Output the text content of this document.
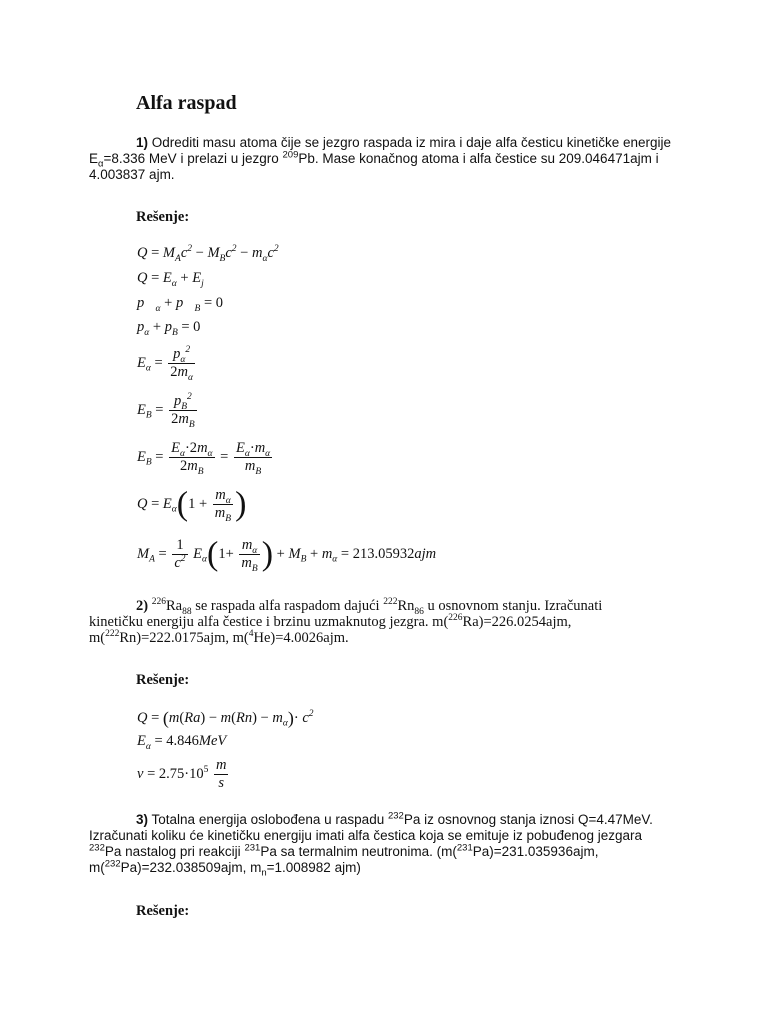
Alfa raspad
1) Odrediti masu atoma čije se jezgro raspada iz mira i daje alfa česticu kinetičke energije
$E_\alpha=8.336$ MeV i prelazi u jezgro $^{209}$Pb. Mase konačnog atoma i alfa čestice su 209.046471ajm i
4.003837 ajm.
Rešenje:
$Q = M_Ac^2 - M_Bc^2 - m_\alpha c^2$
$Q = E_\alpha + E_j$
$p⃗_\alpha$ + $p⃗_B = 0$
$p_\alpha + p_B = 0$
$E_\alpha = \frac{p_\alpha^2}{2m_\alpha}$
$E_B = \frac{p_B^2}{2m_B}$
$E_B = \frac{E_\alpha\cdot 2m_\alpha}{2m_B} = \frac{E_\alpha\cdot m_\alpha}{m_B}$
$Q = E_\alpha(1 + \frac{m_\alpha}{m_B}$ )
$M_A = \frac{1}{c^2} E_\alpha(1+ \frac{m_\alpha}{m_B}$ ) + $M_B + m_\alpha = 213.05932ajm$
2) $^{226}Ra_{88}$ se raspada alfa raspadom dajući $^{222}Rn_{86}$ u osnovnom stanju. Izračunati
kinetičku energiju alfa čestice i brzinu uzmaknutog jezgra. m($^{226}$Ra)=226.0254ajm,
m($^{222}$Rn)=222.0175ajm, m($^4$He)=4.0026ajm.
Rešenje:
$Q = (m(Ra) - m(Rn) - m_\alpha)\cdot c^2$
$E_\alpha = 4.846MeV$
$v = 2.75\cdot 10^5 \frac{m}{s}$
3) Totalna energija oslobođena u raspadu $^{232}$Pa iz osnovnog stanja iznosi Q=4.47MeV.
Izračunati koliku će kinetičku energiju imati alfa čestica koja se emituje iz pobuđenog jezgara
$^{232}$Pa nastalog pri reakciji $^{231}$Pa sa termalnim neutronima. (m($^{231}$Pa)=231.035936ajm,
m($^{232}$Pa)=232.038509ajm, $m_n=1.008982$ ajm)
Rešenje:
